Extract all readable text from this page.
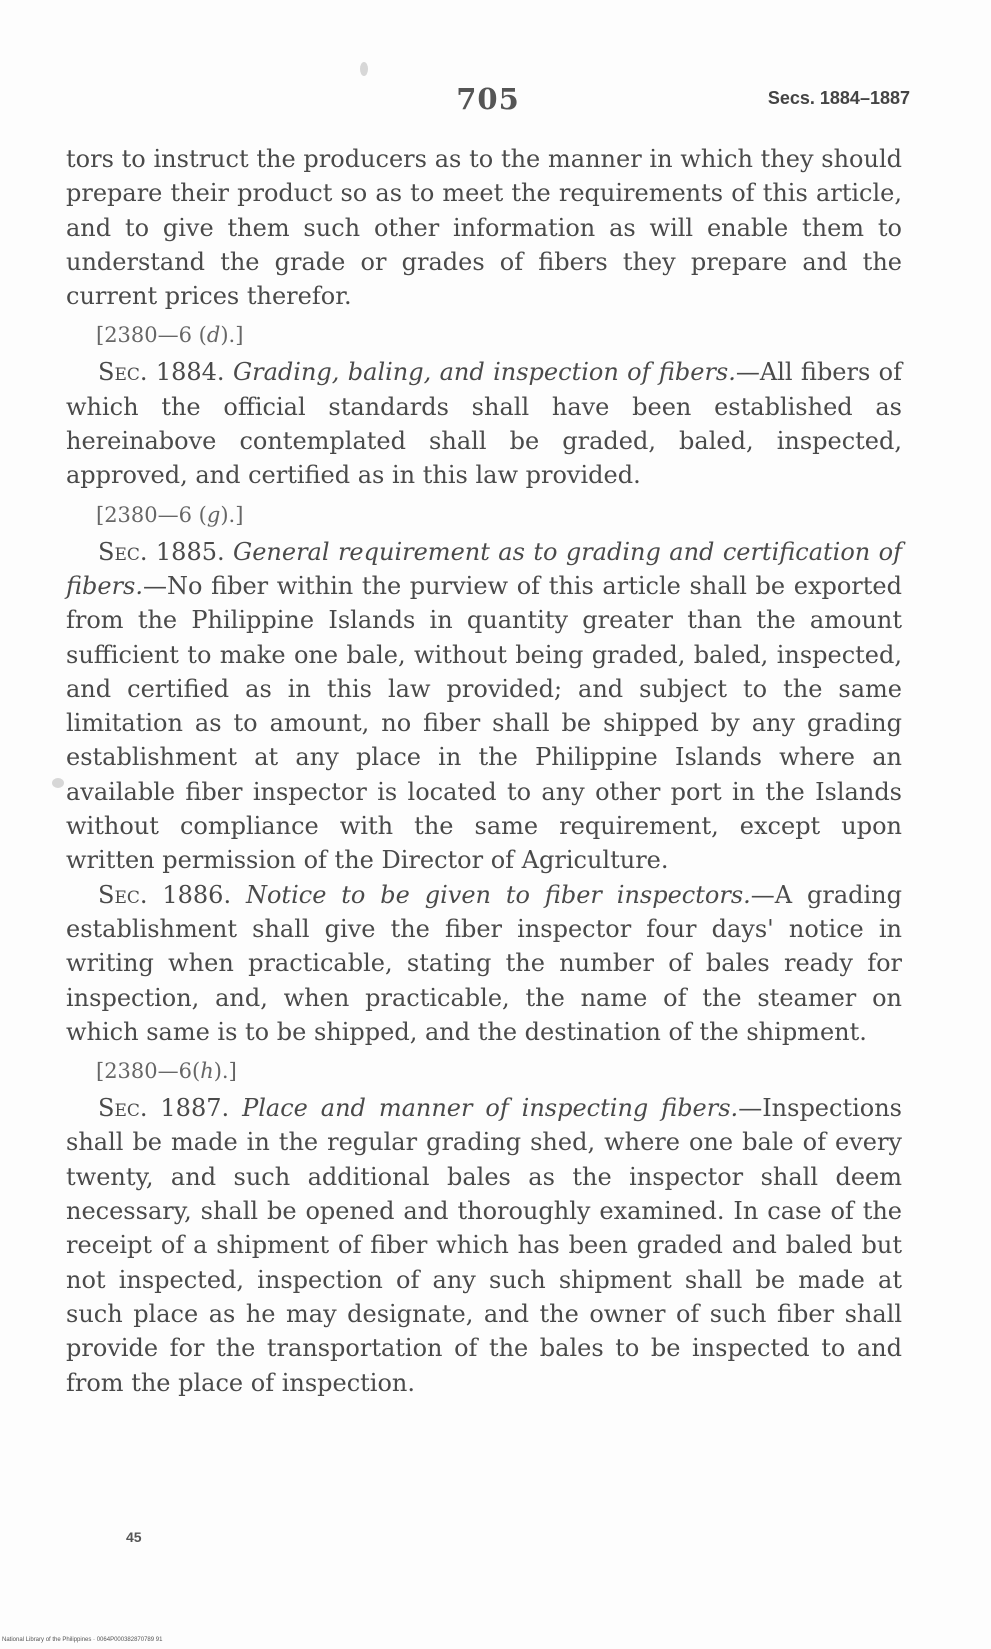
705	Secs. 1884–1887

tors to instruct the producers as to the manner in which they should prepare their product so as to meet the requirements of this article, and to give them such other information as will enable them to understand the grade or grades of fibers they prepare and the current prices therefor.

[2380—6 (d).]

Sec. 1884. Grading, baling, and inspection of fibers.—All fibers of which the official standards shall have been established as hereinabove contemplated shall be graded, baled, inspected, approved, and certified as in this law provided.

[2380—6 (g).]

Sec. 1885. General requirement as to grading and certification of fibers.—No fiber within the purview of this article shall be exported from the Philippine Islands in quantity greater than the amount sufficient to make one bale, without being graded, baled, inspected, and certified as in this law provided; and subject to the same limitation as to amount, no fiber shall be shipped by any grading establishment at any place in the Philippine Islands where an available fiber inspector is located to any other port in the Islands without compliance with the same requirement, except upon written permission of the Director of Agriculture.

Sec. 1886. Notice to be given to fiber inspectors.—A grading establishment shall give the fiber inspector four days' notice in writing when practicable, stating the number of bales ready for inspection, and, when practicable, the name of the steamer on which same is to be shipped, and the destination of the shipment.

[2380—6(h).]

Sec. 1887. Place and manner of inspecting fibers.—Inspections shall be made in the regular grading shed, where one bale of every twenty, and such additional bales as the inspector shall deem necessary, shall be opened and thoroughly examined. In case of the receipt of a shipment of fiber which has been graded and baled but not inspected, inspection of any such shipment shall be made at such place as he may designate, and the owner of such fiber shall provide for the transportation of the bales to be inspected to and from the place of inspection.

45
National Library of the Philippines · 0064P000382870789 91
